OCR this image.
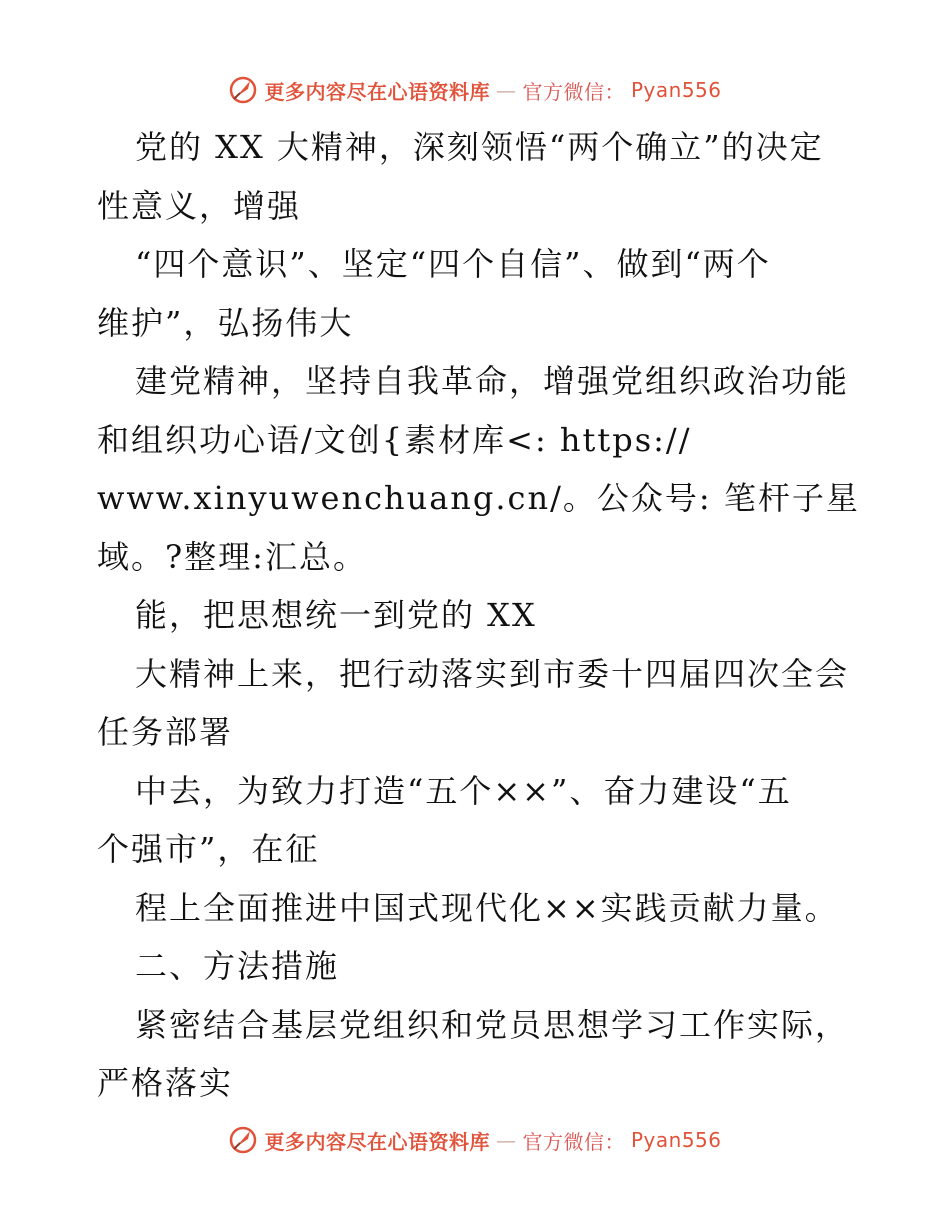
更多内容尽在心语资料库 — 官方微信： Pyan556
党的 XX 大精神，深刻领悟“两个确立”的决定
性意义，增强
“四个意识”、坚定“四个自信”、做到“两个
维护”，弘扬伟大
建党精神，坚持自我革命，增强党组织政治功能
和组织功心语/文创{素材库<: https://
www.xinyuwenchuang.cn/。公众号: 笔杆子星
域。?整理:汇总。
能，把思想统一到党的 XX
大精神上来，把行动落实到市委十四届四次全会
任务部署
中去，为致力打造“五个××”、奋力建设“五
个强市”，在征
程上全面推进中国式现代化××实践贡献力量。
二、方法措施
紧密结合基层党组织和党员思想学习工作实际，
严格落实
更多内容尽在心语资料库 — 官方微信： Pyan556
